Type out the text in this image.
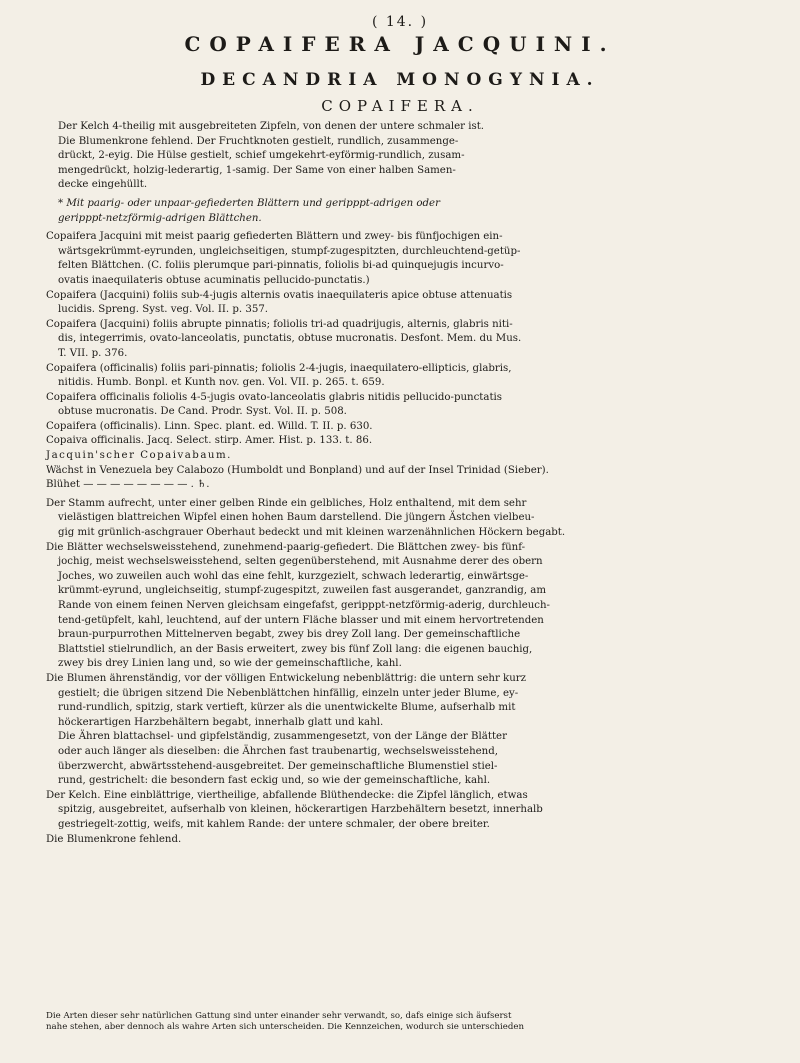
( 14. )
COPAIFERA JACQUINI.
DECANDRIA MONOGYNIA.
COPAIFERA.

Der Kelch 4-theilig mit ausgebreiteten Zipfeln, von denen der untere schmaler ist.

Die Blumenkrone fehlend. Der Fruchtknoten gestielt, rundlich, zusammenge-

drückt, 2-eyig. Die Hülse gestielt, schief umgekehrt-eyförmig-rundlich, zusam-

mengedrückt, holzig-lederartig, 1-samig. Der Same von einer halben Samen-

decke eingehüllt.

* Mit paarig- oder unpaar-gefiederten Blättern und geripppt-adrigen oder

geripppt-netzförmig-adrigen Blättchen.

Copaifera Jacquini mit meist paarig gefiederten Blättern und zwey- bis fünfjochigen ein-

wärtsgekrümmt-eyrunden, ungleichseitigen, stumpf-zugespitzten, durchleuchtend-getüp-

felten Blättchen. (C. foliis plerumque pari-pinnatis, foliolis bi-ad quinquejugis incurvo-

ovatis inaequilateris obtuse acuminatis pellucido-punctatis.)

Copaifera (Jacquini) foliis sub-4-jugis alternis ovatis inaequilateris apice obtuse attenuatis

lucidis. Spreng. Syst. veg. Vol. II. p. 357.

Copaifera (Jacquini) foliis abrupte pinnatis; foliolis tri-ad quadrijugis, alternis, glabris niti-

dis, integerrimis, ovato-lanceolatis, punctatis, obtuse mucronatis. Desfont. Mem. du Mus.

T. VII. p. 376.

Copaifera (officinalis) foliis pari-pinnatis; foliolis 2-4-jugis, inaequilatero-ellipticis, glabris,

nitidis. Humb. Bonpl. et Kunth nov. gen. Vol. VII. p. 265. t. 659.

Copaifera officinalis foliolis 4-5-jugis ovato-lanceolatis glabris nitidis pellucido-punctatis

obtuse mucronatis. De Cand. Prodr. Syst. Vol. II. p. 508.

Copaifera (officinalis). Linn. Spec. plant. ed. Willd. T. II. p. 630.

Copaiva officinalis. Jacq. Select. stirp. Amer. Hist. p. 133. t. 86.

Jacquin'scher Copaivabaum.

Wächst in Venezuela bey Calabozo (Humboldt und Bonpland) und auf der Insel Trinidad (Sieber).

Blühet — — — — — — — — . ♄.

Der Stamm aufrecht, unter einer gelben Rinde ein gelbliches, Holz enthaltend, mit dem sehr

vielästigen blattreichen Wipfel einen hohen Baum darstellend. Die jüngern Ästchen vielbeu-

gig mit grünlich-aschgrauer Oberhaut bedeckt und mit kleinen warzenähnlichen Höckern begabt.

Die Blätter wechselsweisstehend, zunehmend-paarig-gefiedert. Die Blättchen zwey- bis fünf-

jochig, meist wechselsweisstehend, selten gegenüberstehend, mit Ausnahme derer des obern

Joches, wo zuweilen auch wohl das eine fehlt, kurzgezielt, schwach lederartig, einwärtsge-

krümmt-eyrund, ungleichseitig, stumpf-zugespitzt, zuweilen fast ausgerandet, ganzrandig, am

Rande von einem feinen Nerven gleichsam eingefafst, geripppt-netzförmig-aderig, durchleuch-

tend-getüpfelt, kahl, leuchtend, auf der untern Fläche blasser und mit einem hervortretenden

braun-purpurrothen Mittelnerven begabt, zwey bis drey Zoll lang. Der gemeinschaftliche

Blattstiel stielrundlich, an der Basis erweitert, zwey bis fünf Zoll lang: die eigenen bauchig,

zwey bis drey Linien lang und, so wie der gemeinschaftliche, kahl.

Die Blumen ährenständig, vor der völligen Entwickelung nebenblättrig: die untern sehr kurz

gestielt; die übrigen sitzend Die Nebenblättchen hinfällig, einzeln unter jeder Blume, ey-

rund-rundlich, spitzig, stark vertieft, kürzer als die unentwickelte Blume, aufserhalb mit

höckerartigen Harzbehältern begabt, innerhalb glatt und kahl.

Die Ähren blattachsel- und gipfelständig, zusammengesetzt, von der Länge der Blätter

oder auch länger als dieselben: die Ährchen fast traubenartig, wechselsweisstehend,

überzwercht, abwärtsstehend-ausgebreitet. Der gemeinschaftliche Blumenstiel stiel-

rund, gestrichelt: die besondern fast eckig und, so wie der gemeinschaftliche, kahl.

Der Kelch. Eine einblättrige, viertheilige, abfallende Blüthendecke: die Zipfel länglich, etwas

spitzig, ausgebreitet, aufserhalb von kleinen, höckerartigen Harzbehältern besetzt, innerhalb

gestriegelt-zottig, weifs, mit kahlem Rande: der untere schmaler, der obere breiter.

Die Blumenkrone fehlend.

Die Arten dieser sehr natürlichen Gattung sind unter einander sehr verwandt, so, dafs einige sich äufserst
nahe stehen, aber dennoch als wahre Arten sich unterscheiden. Die Kennzeichen, wodurch sie unterschieden
